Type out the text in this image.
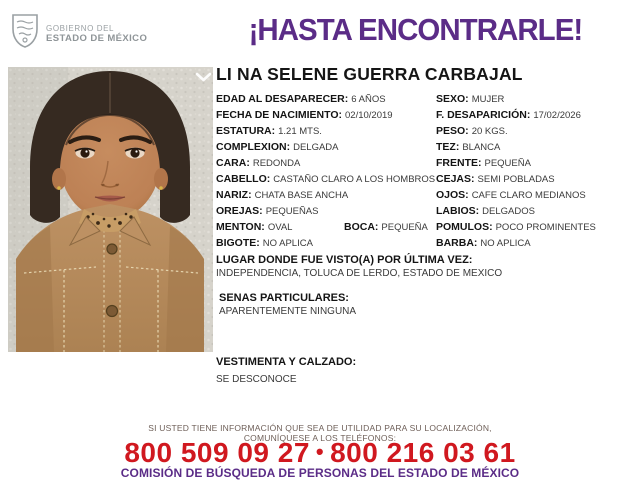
GOBIERNO DEL
ESTADO DE MÉXICO	¡HASTA ENCONTRARLE!
LI NA SELENE GUERRA CARBAJAL
EDAD AL DESAPARECER: 6 AÑOS
FECHA DE NACIMIENTO: 02/10/2019
ESTATURA: 1.21 MTS.
COMPLEXION: DELGADA
CARA: REDONDA
CABELLO: CASTAÑO CLARO A LOS HOMBROS
NARIZ: CHATA BASE ANCHA
OREJAS: PEQUEÑAS
MENTON: OVAL	BOCA: PEQUEÑA
BIGOTE: NO APLICA
SEXO: MUJER
F. DESAPARICIÓN: 17/02/2026
PESO: 20 KGS.
TEZ: BLANCA
FRENTE: PEQUEÑA
CEJAS: SEMI POBLADAS
OJOS: CAFE CLARO MEDIANOS
LABIOS: DELGADOS
POMULOS: POCO PROMINENTES
BARBA: NO APLICA
LUGAR DONDE FUE VISTO(A) POR ÚLTIMA VEZ:
INDEPENDENCIA, TOLUCA DE LERDO, ESTADO DE MEXICO
SENAS PARTICULARES:
APARENTEMENTE NINGUNA
VESTIMENTA Y CALZADO:
SE DESCONOCE
SI USTED TIENE INFORMACIÓN QUE SEA DE UTILIDAD PARA SU LOCALIZACIÓN,
COMUNÍQUESE A LOS TELÉFONOS:
800 509 09 27 • 800 216 03 61
COMISIÓN DE BÚSQUEDA DE PERSONAS DEL ESTADO DE MÉXICO
